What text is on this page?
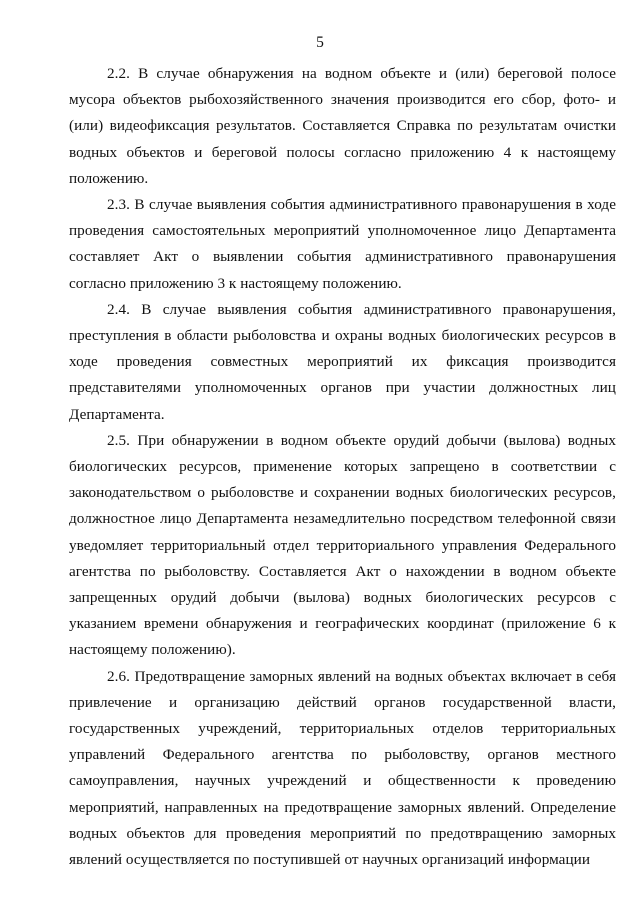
5

2.2. В случае обнаружения на водном объекте и (или) береговой полосе мусора объектов рыбохозяйственного значения производится его сбор, фото- и (или) видеофиксация результатов. Составляется Справка по результатам очистки водных объектов и береговой полосы согласно приложению 4 к настоящему положению.

2.3. В случае выявления события административного правонарушения в ходе проведения самостоятельных мероприятий уполномоченное лицо Департамента составляет Акт о выявлении события административного правонарушения согласно приложению 3 к настоящему положению.

2.4. В случае выявления события административного правонарушения, преступления в области рыболовства и охраны водных биологических ресурсов в ходе проведения совместных мероприятий их фиксация производится представителями уполномоченных органов при участии должностных лиц Департамента.

2.5. При обнаружении в водном объекте орудий добычи (вылова) водных биологических ресурсов, применение которых запрещено в соответствии с законодательством о рыболовстве и сохранении водных биологических ресурсов, должностное лицо Департамента незамедлительно посредством телефонной связи уведомляет территориальный отдел территориального управления Федерального агентства по рыболовству. Составляется Акт о нахождении в водном объекте запрещенных орудий добычи (вылова) водных биологических ресурсов с указанием времени обнаружения и географических координат (приложение 6 к настоящему положению).

2.6. Предотвращение заморных явлений на водных объектах включает в себя привлечение и организацию действий органов государственной власти, государственных учреждений, территориальных отделов территориальных управлений Федерального агентства по рыболовству, органов местного самоуправления, научных учреждений и общественности к проведению мероприятий, направленных на предотвращение заморных явлений. Определение водных объектов для проведения мероприятий по предотвращению заморных явлений осуществляется по поступившей от научных организаций информации
